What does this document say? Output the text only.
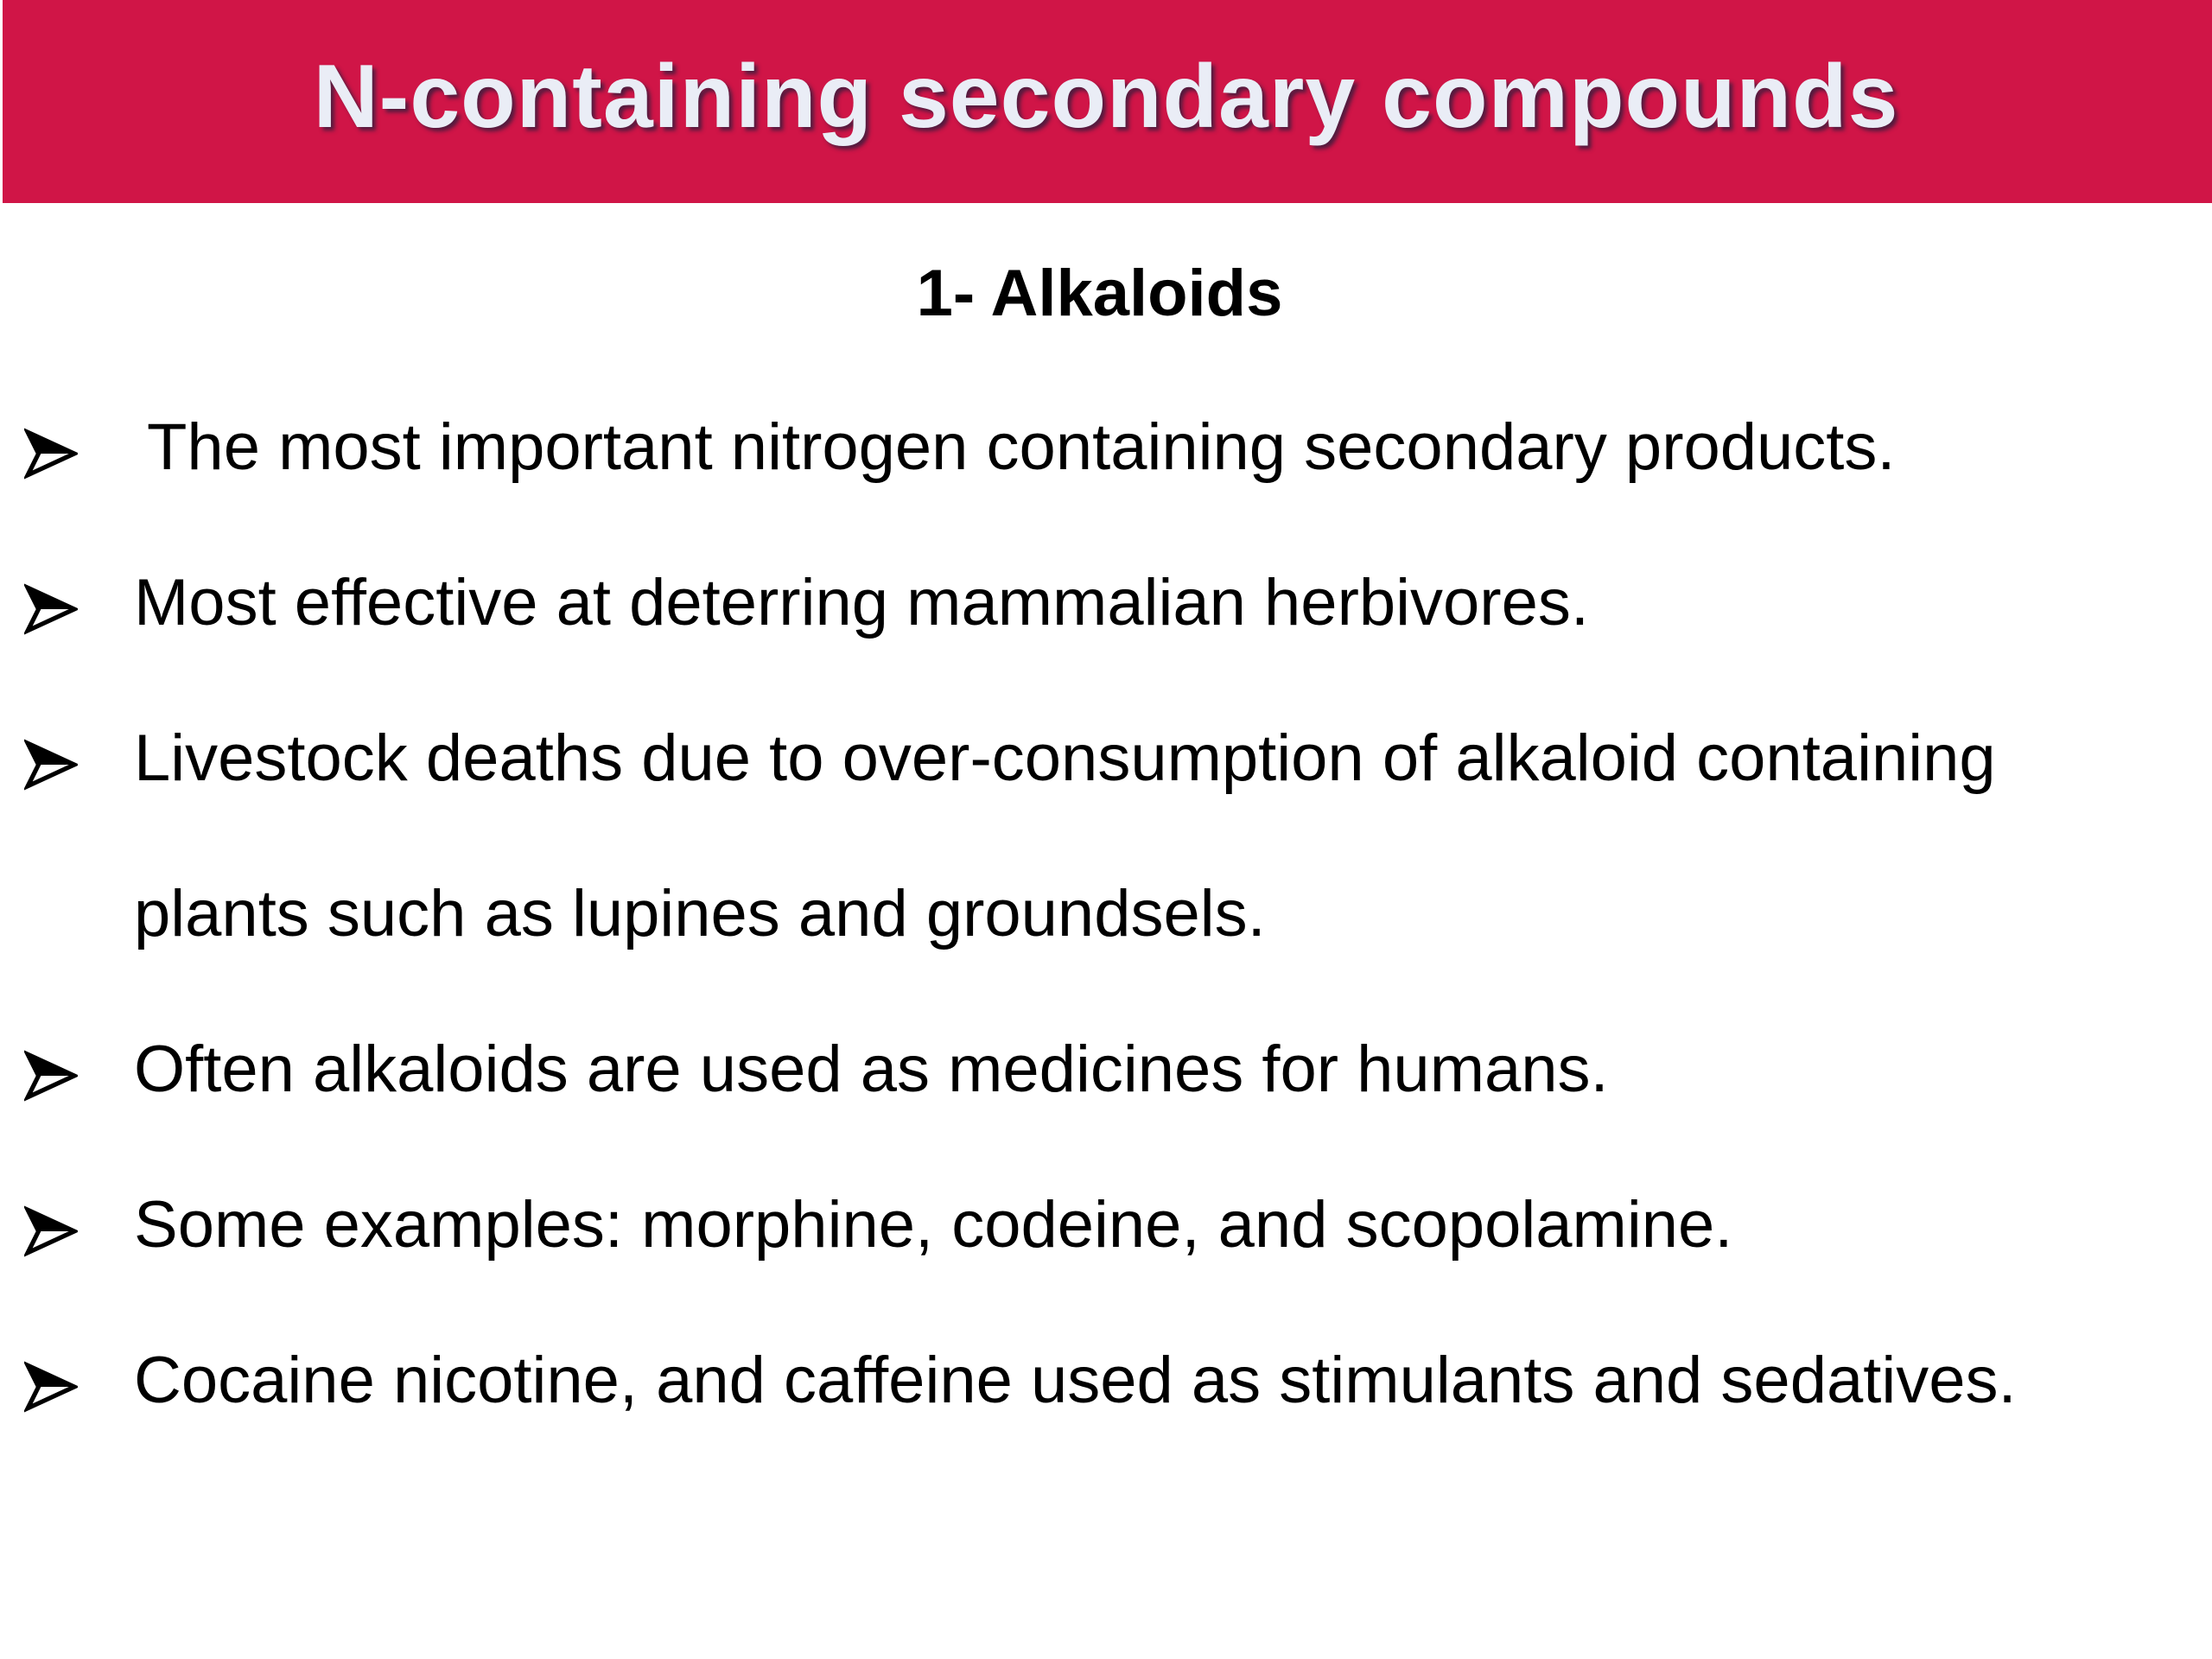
N-containing secondary compounds
1- Alkaloids
The most important nitrogen containing secondary products.
Most effective at deterring mammalian herbivores.
Livestock deaths due to over-consumption of alkaloid containing
plants such as lupines and groundsels.
Often alkaloids are used as medicines for humans.
Some examples: morphine, codeine, and scopolamine.
Cocaine nicotine, and caffeine used as stimulants and sedatives.
